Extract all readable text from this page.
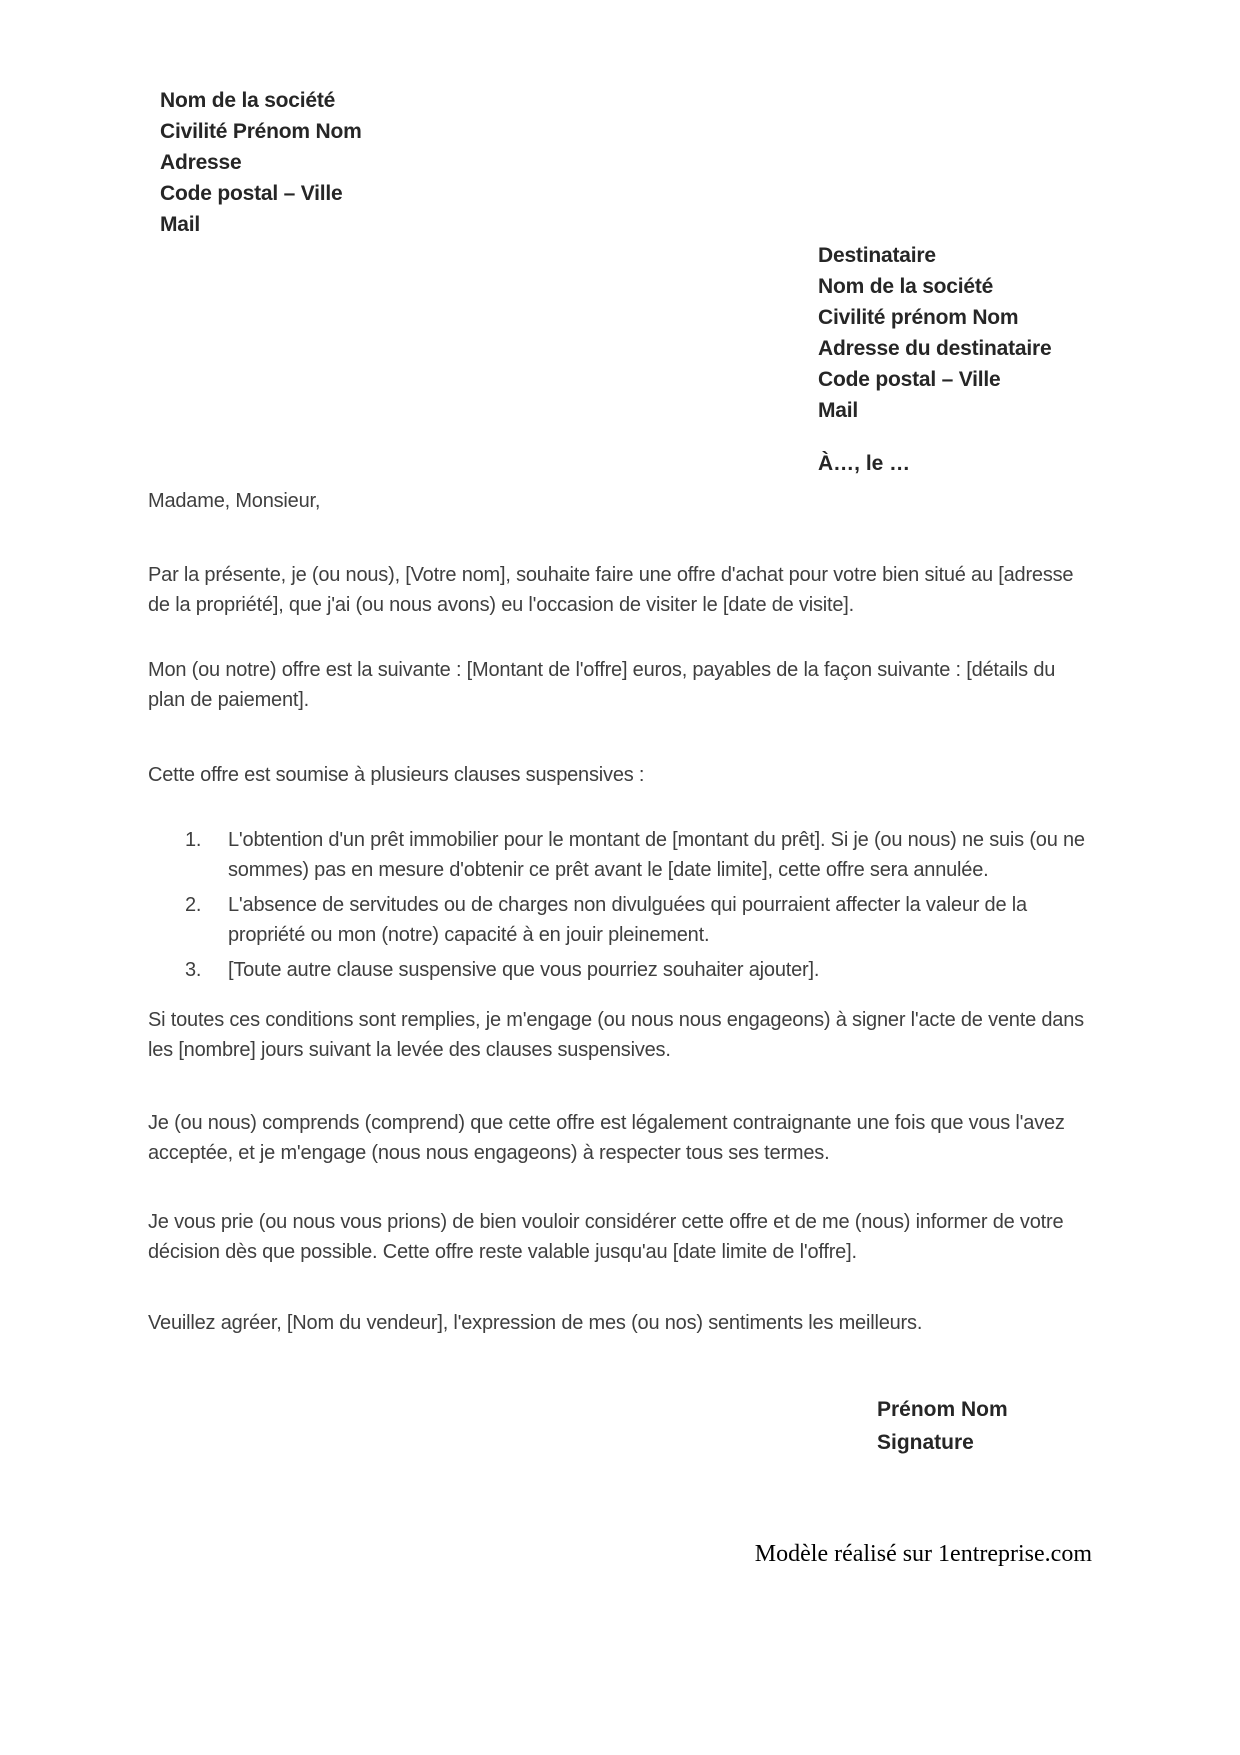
Nom de la société
Civilité Prénom Nom
Adresse
Code postal – Ville
Mail
Destinataire
Nom de la société
Civilité prénom Nom
Adresse du destinataire
Code postal – Ville
Mail
À…, le …

Madame, Monsieur,

Par la présente, je (ou nous), [Votre nom], souhaite faire une offre d'achat pour votre bien situé au [adresse de la propriété], que j'ai (ou nous avons) eu l'occasion de visiter le [date de visite].

Mon (ou notre) offre est la suivante : [Montant de l'offre] euros, payables de la façon suivante : [détails du plan de paiement].

Cette offre est soumise à plusieurs clauses suspensives :

1.	L'obtention d'un prêt immobilier pour le montant de [montant du prêt]. Si je (ou nous) ne suis (ou ne sommes) pas en mesure d'obtenir ce prêt avant le [date limite], cette offre sera annulée.
2.	L'absence de servitudes ou de charges non divulguées qui pourraient affecter la valeur de la propriété ou mon (notre) capacité à en jouir pleinement.
3.	[Toute autre clause suspensive que vous pourriez souhaiter ajouter].

Si toutes ces conditions sont remplies, je m'engage (ou nous nous engageons) à signer l'acte de vente dans les [nombre] jours suivant la levée des clauses suspensives.

Je (ou nous) comprends (comprend) que cette offre est légalement contraignante une fois que vous l'avez acceptée, et je m'engage (nous nous engageons) à respecter tous ses termes.

Je vous prie (ou nous vous prions) de bien vouloir considérer cette offre et de me (nous) informer de votre décision dès que possible. Cette offre reste valable jusqu'au [date limite de l'offre].

Veuillez agréer, [Nom du vendeur], l'expression de mes (ou nos) sentiments les meilleurs.

Prénom Nom
Signature
Modèle réalisé sur 1entreprise.com
